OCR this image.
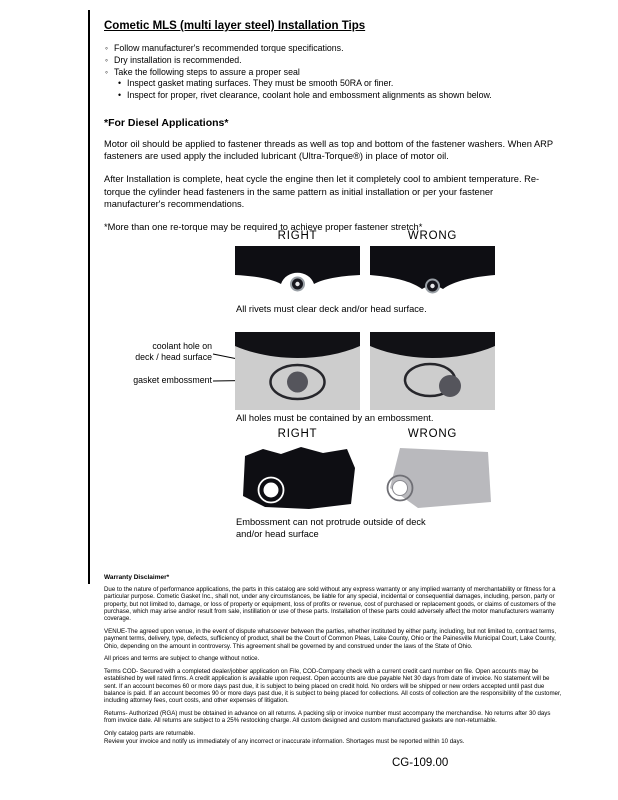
Cometic MLS (multi layer steel) Installation Tips
◦ Follow manufacturer's recommended torque specifications.
◦ Dry installation is recommended.
◦ Take the following steps to assure a proper seal
• Inspect gasket mating surfaces. They must be smooth 50RA or finer.
• Inspect for proper, rivet clearance, coolant hole and embossment alignments as shown below.
*For Diesel Applications*

Motor oil should be applied to fastener threads as well as top and bottom of the fastener washers. When ARP fasteners are used apply the included lubricant (Ultra-Torque®) in place of motor oil.

After Installation is complete, heat cycle the engine then let it completely cool to ambient temperature. Re-torque the cylinder head fasteners in the same pattern as initial installation or per your fastener manufacturer's recommendations.

*More than one re-torque may be required to achieve proper fastener stretch*

RIGHT	WRONG
All rivets must clear deck and/or head surface.
coolant hole on
deck / head surface
gasket embossment
All holes must be contained by an embossment.
RIGHT	WRONG
Embossment can not protrude outside of deck
and/or head surface
Warranty Disclaimer*

Due to the nature of performance applications, the parts in this catalog are sold without any express warranty or any implied warranty of merchantability or fitness for a particular purpose. Cometic Gasket Inc., shall not, under any circumstances, be liable for any special, incidental or consequential damages, including, person, party or property, but not limited to, damage, or loss of property or equipment, loss of profits or revenue, cost of purchased or replacement goods, or claims of customers of the purchase, which may arise and/or result from sale, instillation or use of these parts. Installation of these parts could adversely affect the motor manufacturers warranty coverage.

VENUE-The agreed upon venue, in the event of dispute whatsoever between the parties, whether instituted by either party, including, but not limited to, contract terms, payment terms, delivery, type, defects, sufficiency of product, shall be the Court of Common Pleas, Lake County, Ohio or the Painesville Municipal Court, Lake County, Ohio, depending on the amount in controversy. This agreement shall be governed by and construed under the laws of the State of Ohio.

All prices and terms are subject to change without notice.

Terms COD- Secured with a completed dealer/jobber application on File, COD-Company check with a current credit card number on file. Open accounts may be established by well rated firms. A credit application is available upon request. Open accounts are due payable Net 30 days from date of invoice. No statement will be sent. If an account becomes 60 or more days past due, it is subject to being placed on credit hold. No orders will be shipped or new orders accepted until past due balance is paid. If an account becomes 90 or more days past due, it is subject to being placed for collections. All costs of collection are the responsibility of the customer, including attorney fees, court costs, and other expenses of litigation.

Returns- Authorized (RGA) must be obtained in advance on all returns. A packing slip or invoice number must accompany the merchandise. No returns after 30 days from invoice date. All returns are subject to a 25% restocking charge. All custom designed and custom manufactured gaskets are non-returnable.

Only catalog parts are returnable.

Review your invoice and notify us immediately of any incorrect or inaccurate information. Shortages must be reported within 10 days.

CG-109.00
